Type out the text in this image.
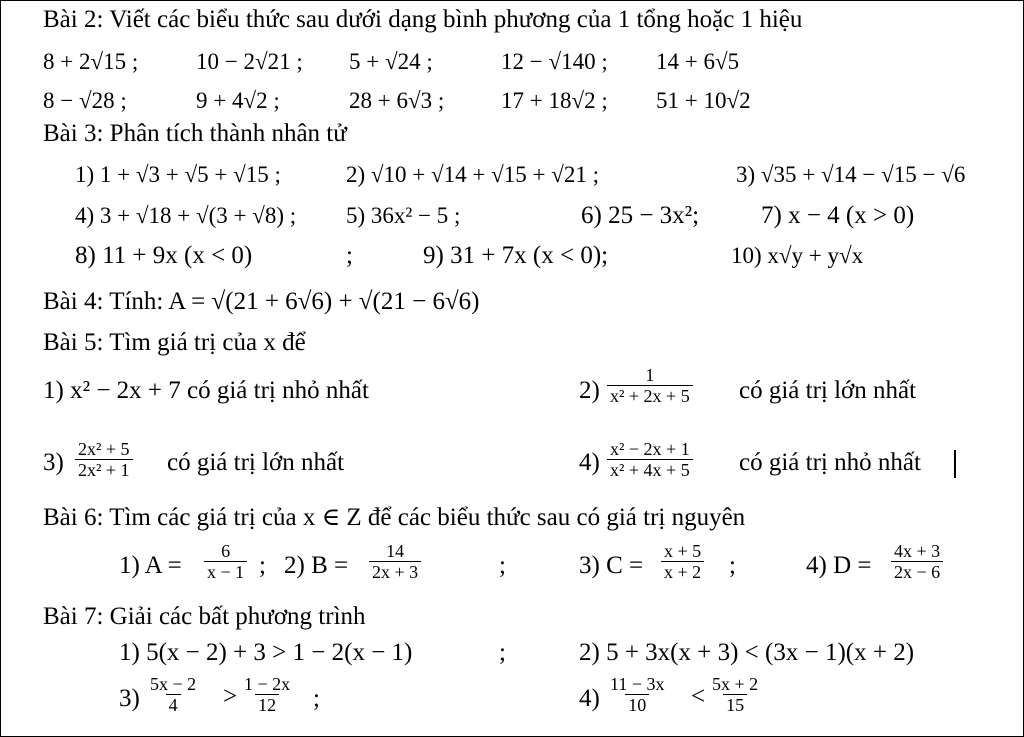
Bài 2: Viết các biểu thức sau dưới dạng bình phương của 1 tổng hoặc 1 hiệu
8 + 2√15 ;	10 − 2√21 ; 5 + √24 ;	12 − √140 ; 14 + 6√5
8 − √28 ;	9 + 4√2 ;	28 + 6√3 ; 17 + 18√2 ; 51 + 10√2
Bài 3: Phân tích thành nhân tử
1) 1 + √3 + √5 + √15 ;	2) √10 + √14 + √15 + √21 ;	3) √35 + √14 − √15 − √6
4) 3 + √18 + √(3 + √8) ; 5) 36x² − 5 ;	6) 25 − 3x²; 7) x − 4 (x > 0)
8) 11 + 9x (x < 0)	;	9) 31 + 7x (x < 0);	10) x√y + y√x
Bài 4: Tính: A = √(21 + 6√6) + √(21 − 6√6)
Bài 5: Tìm giá trị của x để
1) x² − 2x + 7 có giá trị nhỏ nhất	$2) \frac{1}{\text{x² + 2x + 5}}$ có giá trị lớn nhất
$3) \frac{\text{2x² + 5}}{\text{2x² + 1}}$ có giá trị lớn nhất	$4) \frac{\text{x² − 2x + 1}}{\text{x² + 4x + 5}}$ có giá trị nhỏ nhất
Bài 6: Tìm các giá trị của x ∈ Z để các biểu thức sau có giá trị nguyên
1) $A = \frac{6}{x - 1}$ ; 2) $B = \frac{14}{2x + 3}$	;	3) $C = \frac{x + 5}{x + 2}$ ;	4) $D = \frac{4x + 3}{2x - 6}$
Bài 7: Giải các bất phương trình
1) 5(x − 2) + 3 > 1 − 2(x − 1)	;	2) 5 + 3x(x + 3) < (3x − 1)(x + 2)
$3) \frac{5x - 2}{4} > \frac{1 - 2x}{12}$ ;	$4) \frac{11 - 3x}{10} < \frac{5x + 2}{15}$
